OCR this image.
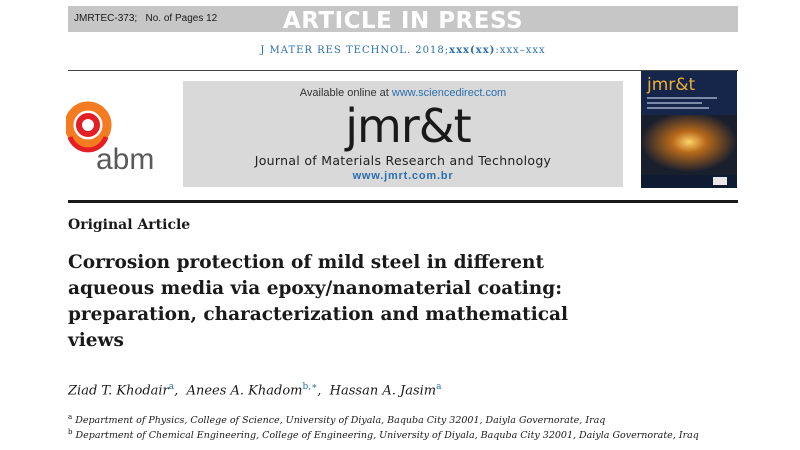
ARTICLE IN PRESS
JMRTEC-373; No. of Pages 12
J MATER RES TECHNOL. 2018;xxx(xx):xxx–xxx
abm
Available online at www.sciencedirect.com
jmr&t
Journal of Materials Research and Technology
www.jmrt.com.br
jmr&t
Original Article
Corrosion protection of mild steel in different aqueous media via epoxy/nanomaterial coating: preparation, characterization and mathematical views
Ziad T. Khodair$^a$,  Anees A. Khadom$^{b,∗}$,  Hassan A. Jasim$^a$
$^a$ Department of Physics, College of Science, University of Diyala, Baquba City 32001, Daiyla Governorate, Iraq
$^b$ Department of Chemical Engineering, College of Engineering, University of Diyala, Baquba City 32001, Daiyla Governorate, Iraq
